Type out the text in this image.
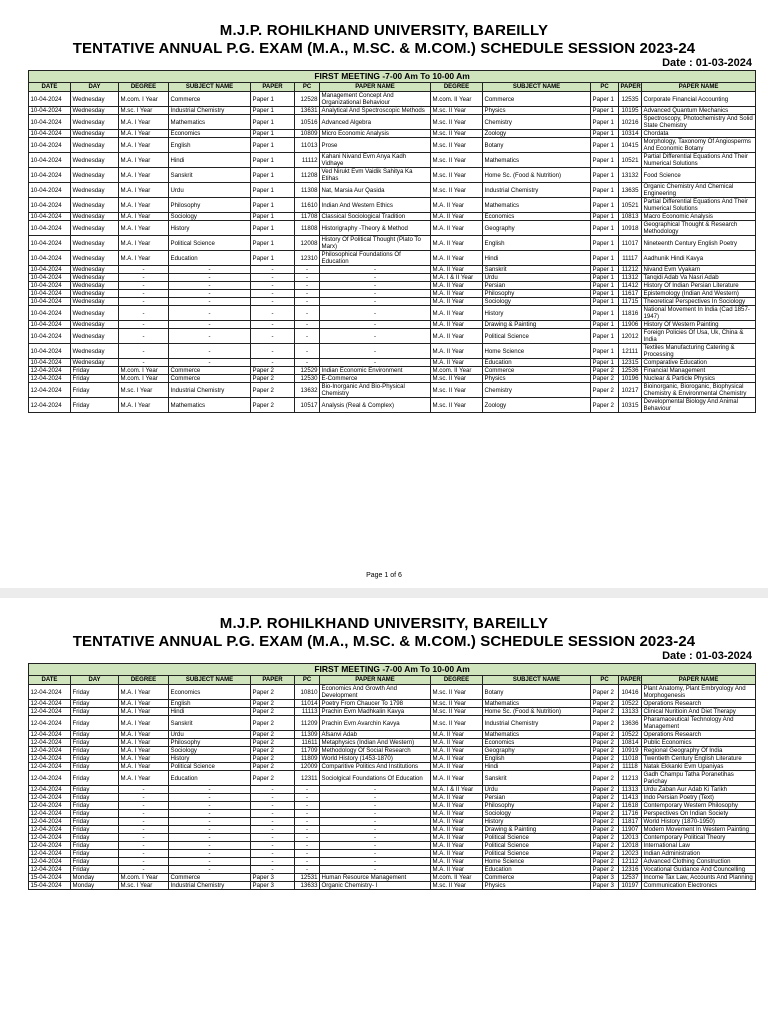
M.J.P. ROHILKHAND UNIVERSITY, BAREILLY
TENTATIVE ANNUAL P.G. EXAM (M.A., M.SC. & M.COM.) SCHEDULE SESSION 2023-24
Date : 01-03-2024
FIRST MEETING -7-00 Am To 10-00 Am											
DATE	DAY	DEGREE	SUBJECT NAME	PAPER	PC	PAPER NAME	DEGREE	SUBJECT NAME	PC	PAPER	PAPER NAME
10-04-2024	Wednesday	M.com. I Year	Commerce	Paper 1	12528	Management Concept And Organizational Behaviour	M.com. II Year	Commerce	Paper 1	12535	Corporate Financial Accounting
10-04-2024	Wednesday	M.sc. I Year	Industrial Chemistry	Paper 1	13631	Analytical And Spectroscopic Methods	M.sc. II Year	Physics	Paper 1	10195	Advanced Quantum Mechanics
10-04-2024	Wednesday	M.A. I Year	Mathematics	Paper 1	10516	Advanced Algebra	M.sc. II Year	Chemistry	Paper 1	10216	Spectroscopy, Photochemistry And Solid State Chemistry
10-04-2024	Wednesday	M.A. I Year	Economics	Paper 1	10809	Micro Economic Analysis	M.sc. II Year	Zoology	Paper 1	10314	Chordata
10-04-2024	Wednesday	M.A. I Year	English	Paper 1	11013	Prose	M.sc. II Year	Botany	Paper 1	10415	Morphology, Taxonomy Of Angiosperms And Economic Botany
10-04-2024	Wednesday	M.A. I Year	Hindi	Paper 1	11112	Kahani Nivand Evm Anya Kadh Vidhaye	M.sc. II Year	Mathematics	Paper 1	10521	Partial Differential Equations And Their Numerical Solutions
10-04-2024	Wednesday	M.A. I Year	Sanskrit	Paper 1	11208	Ved Nirukt Evm Vaidik Sahitya Ka Etihas	M.sc. II Year	Home Sc. (Food & Nutrition)	Paper 1	13132	Food Science
10-04-2024	Wednesday	M.A. I Year	Urdu	Paper 1	11308	Nat, Marsia Aur Qasida	M.sc. II Year	Industrial Chemistry	Paper 1	13635	Organic Chemistry And Chemical Engineering
10-04-2024	Wednesday	M.A. I Year	Philosophy	Paper 1	11610	Indian And Western Ethics	M.A. II Year	Mathematics	Paper 1	10521	Partial Differential Equations And Their Numerical Solutions
10-04-2024	Wednesday	M.A. I Year	Sociology	Paper 1	11708	Classical Sociological Tradition	M.A. II Year	Economics	Paper 1	10813	Macro Economic Analysis
10-04-2024	Wednesday	M.A. I Year	History	Paper 1	11808	Historigraphy -Theory & Method	M.A. II Year	Geography	Paper 1	10918	Geographical Thought & Research Methodology
10-04-2024	Wednesday	M.A. I Year	Political Science	Paper 1	12008	History Of Political Thought (Plato To Marx)	M.A. II Year	English	Paper 1	11017	Nineteenth Century English Poetry
10-04-2024	Wednesday	M.A. I Year	Education	Paper 1	12310	Philosophical Foundations Of Education	M.A. II Year	Hindi	Paper 1	11117	Aadhunik Hindi Kavya
10-04-2024	Wednesday	-	-	-	-	-	M.A. II Year	Sanskrit	Paper 1	11212	Nivand Evm Vyakarn
10-04-2024	Wednesday	-	-	-	-	-	M.A. I & II Year	Urdu	Paper 1	11312	Tanqidi Adab Va Nasri Adab
10-04-2024	Wednesday	-	-	-	-	-	M.A. II Year	Persian	Paper 1	11412	History Of Indian Persian Literature
10-04-2024	Wednesday	-	-	-	-	-	M.A. II Year	Philosophy	Paper 1	11617	Epistemology (Indian And Western)
10-04-2024	Wednesday	-	-	-	-	-	M.A. II Year	Sociology	Paper 1	11715	Theoretical Perspectives In Sociology
10-04-2024	Wednesday	-	-	-	-	-	M.A. II Year	History	Paper 1	11816	National Movement In India (Cad 1857-1947)
10-04-2024	Wednesday	-	-	-	-	-	M.A. II Year	Drawing & Painting	Paper 1	11906	History Of Western Painting
10-04-2024	Wednesday	-	-	-	-	-	M.A. II Year	Political Science	Paper 1	12012	Foreign Policies Of Usa, Uk, China & India
10-04-2024	Wednesday	-	-	-	-	-	M.A. II Year	Home Science	Paper 1	12111	Textiles Manufacturing Catering & Processing
10-04-2024	Wednesday	-	-	-	-	-	M.A. II Year	Education	Paper 1	12315	Comparative Education
12-04-2024	Friday	M.com. I Year	Commerce	Paper 2	12529	Indian Economic Environment	M.com. II Year	Commerce	Paper 2	12536	Financial Management
12-04-2024	Friday	M.com. I Year	Commerce	Paper 2	12530	E-Commerce	M.sc. II Year	Physics	Paper 2	10196	Nuclear & Particle Physics
12-04-2024	Friday	M.sc. I Year	Industrial Chemistry	Paper 2	13632	Bio-Inorganic And Bio-Physical Chemistry	M.sc. II Year	Chemistry	Paper 2	10217	Bioinorganic, Bioroganic, Biophysical Chemistry & Environmental Chemistry
12-04-2024	Friday	M.A. I Year	Mathematics	Paper 2	10517	Analysis (Real & Complex)	M.sc. II Year	Zoology	Paper 2	10315	Developmental Biology And Animal Behaviour
Page 1 of 6
M.J.P. ROHILKHAND UNIVERSITY, BAREILLY
TENTATIVE ANNUAL P.G. EXAM (M.A., M.SC. & M.COM.) SCHEDULE SESSION 2023-24
Date : 01-03-2024
FIRST MEETING -7-00 Am To 10-00 Am											
DATE	DAY	DEGREE	SUBJECT NAME	PAPER	PC	PAPER NAME	DEGREE	SUBJECT NAME	PC	PAPER	PAPER NAME
12-04-2024	Friday	M.A. I Year	Economics	Paper 2	10810	Economics And Growth And Development	M.sc. II Year	Botany	Paper 2	10416	Plant Anatomy, Plant Embryology And Morphogenesis
12-04-2024	Friday	M.A. I Year	English	Paper 2	11014	Poetry From Chaucer To 1798	M.sc. II Year	Mathematics	Paper 2	10522	Operations Research
12-04-2024	Friday	M.A. I Year	Hindi	Paper 2	11113	Prachin Evm Madhkalin Kavya	M.sc. II Year	Home Sc. (Food & Nutrition)	Paper 2	13133	Clinical Nuritioin And Diet Therapy
12-04-2024	Friday	M.A. I Year	Sanskrit	Paper 2	11209	Prachin Evm Avarchin Kavya	M.sc. II Year	Industrial Chemistry	Paper 2	13636	Pharamaceutical Technology And Management
12-04-2024	Friday	M.A. I Year	Urdu	Paper 2	11309	Afsanvi Adab	M.A. II Year	Mathematics	Paper 2	10522	Operations Research
12-04-2024	Friday	M.A. I Year	Philosophy	Paper 2	11611	Metaphysics (Indian And Western)	M.A. II Year	Economics	Paper 2	10814	Public Economics
12-04-2024	Friday	M.A. I Year	Sociology	Paper 2	11709	Methodology Of Social Research	M.A. II Year	Geography	Paper 2	10919	Regional Geography Of India
12-04-2024	Friday	M.A. I Year	History	Paper 2	11809	World History (1453-1870)	M.A. II Year	English	Paper 2	11018	Twentieth Century English Literature
12-04-2024	Friday	M.A. I Year	Political Science	Paper 2	12009	Comparitive Politics And Institutions	M.A. II Year	Hindi	Paper 2	11118	Natak Ekkanki Evm Upaniyas
12-04-2024	Friday	M.A. I Year	Education	Paper 2	12311	Sociolgical Foundations Of Education	M.A. II Year	Sanskrit	Paper 2	11213	Gadh Champu Tatha Poranetihas Parichay
12-04-2024	Friday	-	-	-	-	-	M.A. I & II Year	Urdu	Paper 2	11313	Urdu Zaban Aur Adab Ki Tarikh
12-04-2024	Friday	-	-	-	-	-	M.A. II Year	Persian	Paper 2	11413	Indo Persian Poetry (Text)
12-04-2024	Friday	-	-	-	-	-	M.A. II Year	Philosophy	Paper 2	11618	Contemporary Western Philosophy
12-04-2024	Friday	-	-	-	-	-	M.A. II Year	Sociology	Paper 2	11716	Perspectives On Indian Society
12-04-2024	Friday	-	-	-	-	-	M.A. II Year	History	Paper 2	11817	World History (1870-1950)
12-04-2024	Friday	-	-	-	-	-	M.A. II Year	Drawing & Painting	Paper 2	11907	Modern Movement In Western Painting
12-04-2024	Friday	-	-	-	-	-	M.A. II Year	Political Science	Paper 2	12013	Contemporary Political Theory
12-04-2024	Friday	-	-	-	-	-	M.A. II Year	Political Science	Paper 2	12018	International Law
12-04-2024	Friday	-	-	-	-	-	M.A. II Year	Political Science	Paper 2	12023	Indian Administration
12-04-2024	Friday	-	-	-	-	-	M.A. II Year	Home Science	Paper 2	12112	Advanced Clothing Construction
12-04-2024	Friday	-	-	-	-	-	M.A. II Year	Education	Paper 2	12316	Vocational Guidance And Councelling
15-04-2024	Monday	M.com. I Year	Commerce	Paper 3	12531	Human Resource Management	M.com. II Year	Commerce	Paper 3	12537	Income Tax Law, Accounts And Planning
15-04-2024	Monday	M.sc. I Year	Industrial Chemistry	Paper 3	13633	Organic Chemistry- I	M.sc. II Year	Physics	Paper 3	10197	Communication Electronics
